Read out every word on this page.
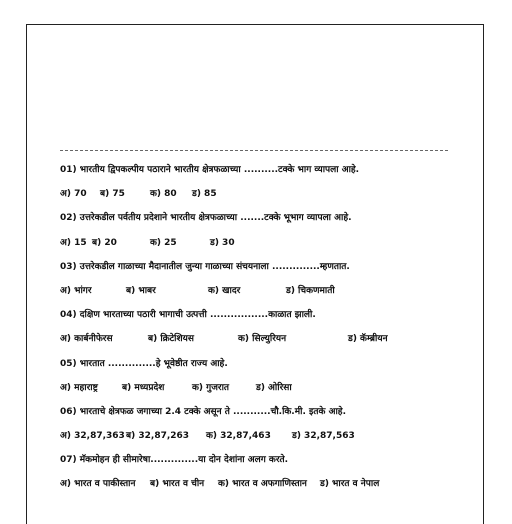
01) भारतीय द्विपकल्पीय पठाराने भारतीय क्षेत्रफळाच्या ..........टक्के भाग व्यापला आहे.
अ) 70	ब) 75	क) 80	ड) 85
02) उत्तरेकडील पर्वतीय प्रदेशाने भारतीय क्षेत्रफळाच्या .......टक्के भूभाग व्यापला आहे.
अ) 15 ब) 20	क) 25	ड) 30
03) उत्तरेकडील गाळाच्या मैदानातील जुन्या गाळाच्या संचयनाला ..............म्हणतात.
अ) भांगर	ब) भाबर	क) खादर	ड) चिकणमाती
04) दक्षिण भारताच्या पठारी भागाची उत्पत्ती .................काळात झाली.
अ) कार्बनीफेरस	ब) क्रिटेशियस	क) सिल्युरियन	ड) कॅम्ब्रीयन
05) भारतात ..............हे भूवेष्ठीत राज्य आहे.
अ) महाराष्ट्र	ब) मध्यप्रदेश	क) गुजरात	ड) ओरिसा
06) भारताचे क्षेत्रफळ जगाच्या 2.4 टक्के असून ते ...........चौ.कि.मी. इतके आहे.
अ) 32,87,363 ब) 32,87,263	क) 32,87,463	ड) 32,87,563
07) मॅकमोहन ही सीमारेषा..............या दोन देशांना अलग करते.
अ) भारत व पाकीस्तान	ब) भारत व चीन	क) भारत व अफगाणिस्तान	ड) भारत व नेपाल
